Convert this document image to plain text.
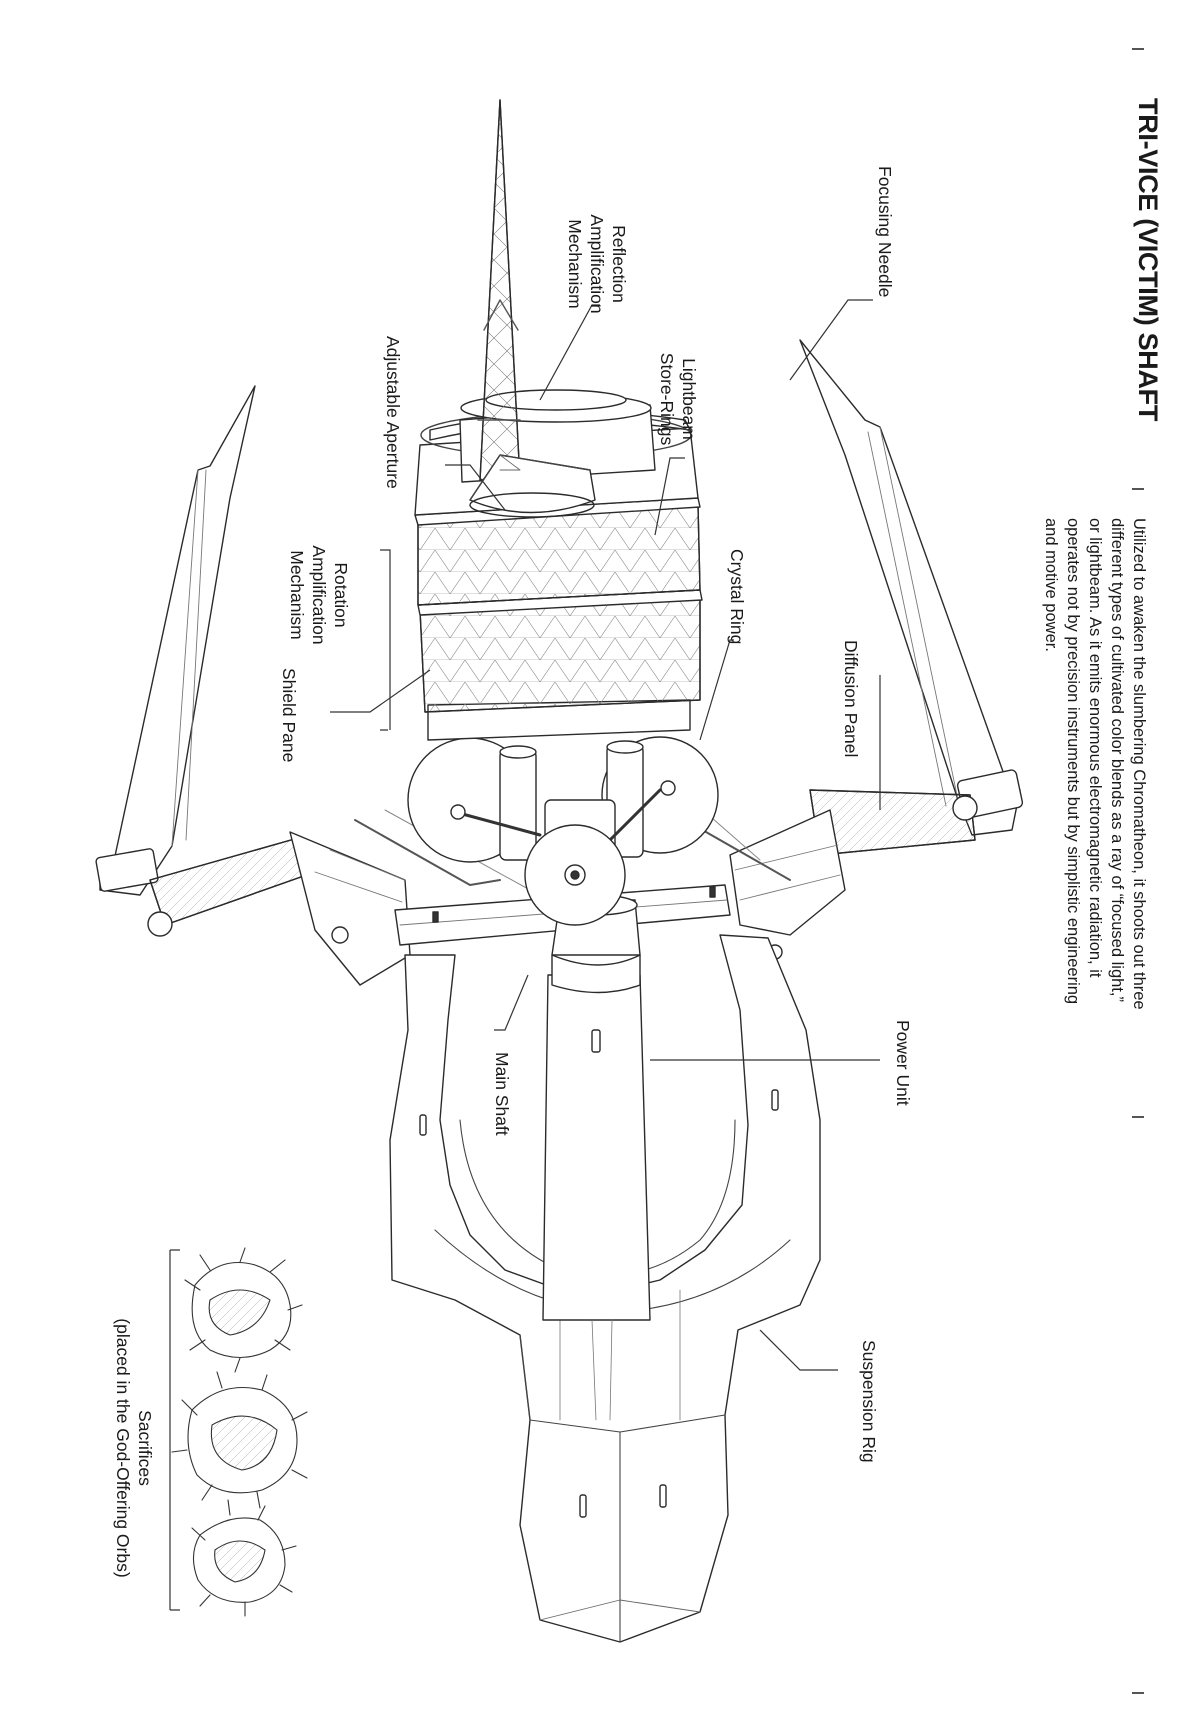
TRI-VICE (VICTIM) SHAFT

Utilized to awaken the slumbering Chromatheon, it shoots out three

different types of cultivated color blends as a ray of “focused light,”

or lightbeam. As it emits enormous electromagnetic radiation, it

operates not by precision instruments but by simplistic engineering

and motive power.

Focusing Needle
Reflection
Amplification
Mechanism
Lightbeam
Store-Rings
Adjustable Aperture
Crystal Ring
Rotation
Amplification
Mechanism
Shield Pane	Diffusion Panel
Power Unit
Main Shaft
Suspension Rig
Sacrifices
(placed in the God-Offering Orbs)
